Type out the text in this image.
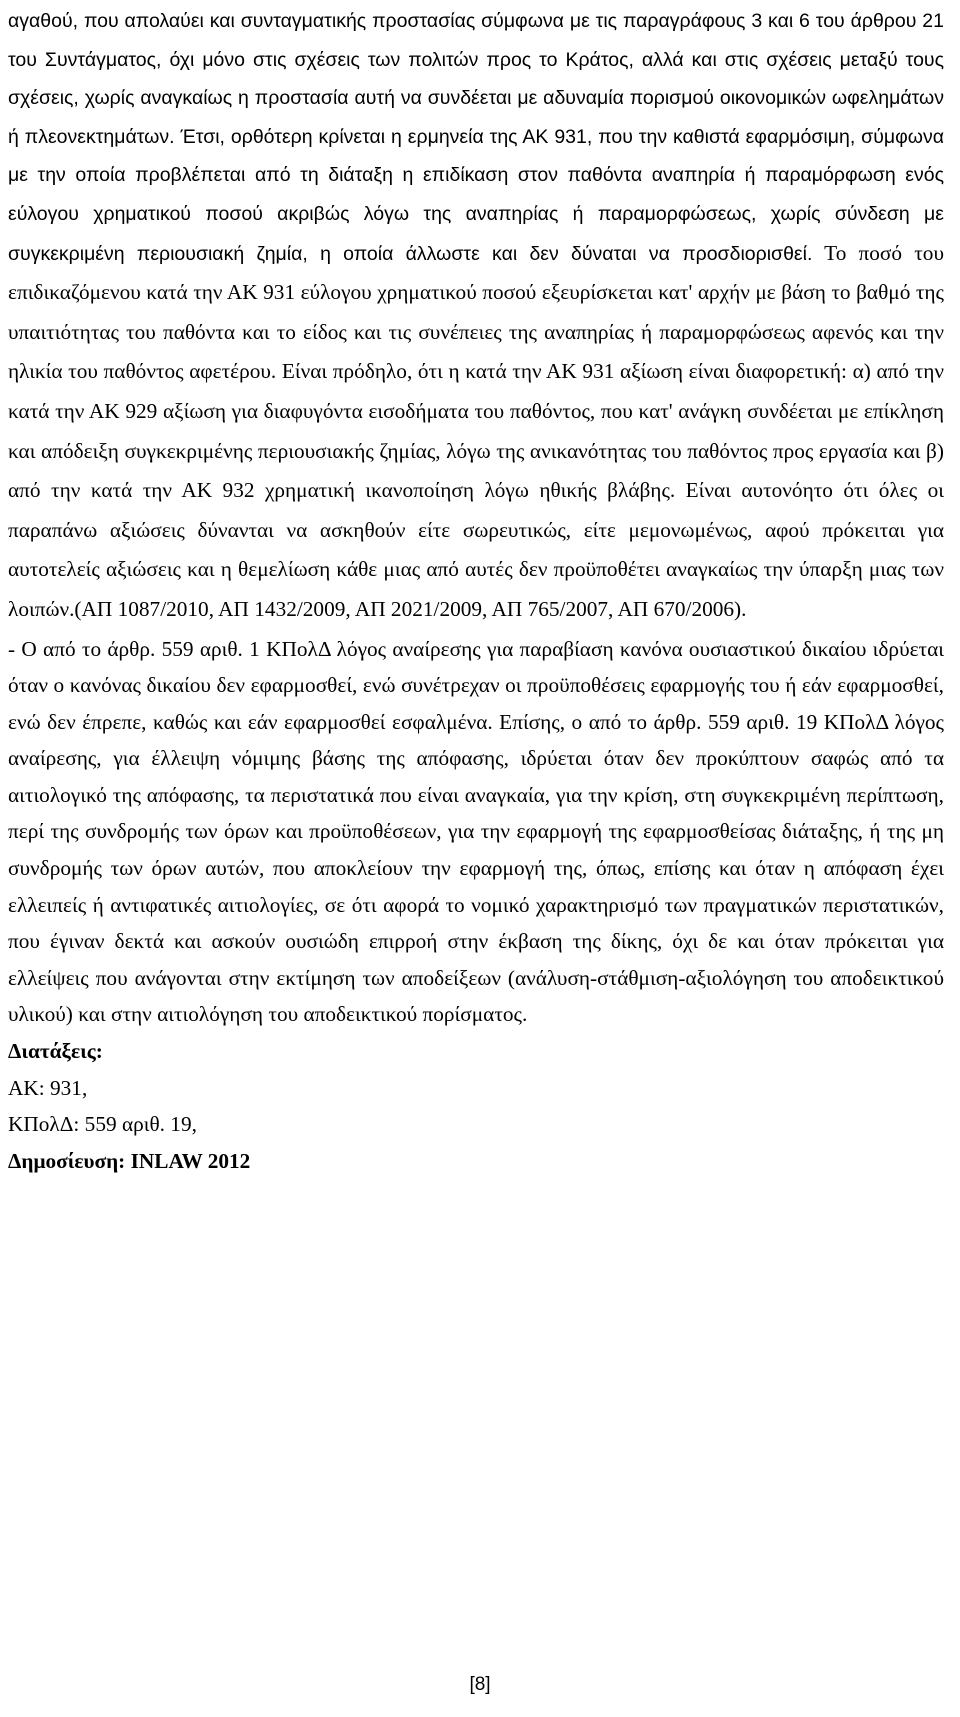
αγαθού, που απολαύει και συνταγματικής προστασίας σύμφωνα με τις παραγράφους 3 και 6 του άρθρου 21 του Συντάγματος, όχι μόνο στις σχέσεις των πολιτών προς το Κράτος, αλλά και στις σχέσεις μεταξύ τους σχέσεις, χωρίς αναγκαίως η προστασία αυτή να συνδέεται με αδυναμία πορισμού οικονομικών ωφελημάτων ή πλεονεκτημάτων. Έτσι, ορθότερη κρίνεται η ερμηνεία της ΑΚ 931, που την καθιστά εφαρμόσιμη, σύμφωνα με την οποία προβλέπεται από τη διάταξη η επιδίκαση στον παθόντα αναπηρία ή παραμόρφωση ενός εύλογου χρηματικού ποσού ακριβώς λόγω της αναπηρίας ή παραμορφώσεως, χωρίς σύνδεση με συγκεκριμένη περιουσιακή ζημία, η οποία άλλωστε και δεν δύναται να προσδιορισθεί. Το ποσό του επιδικαζόμενου κατά την ΑΚ 931 εύλογου χρηματικού ποσού εξευρίσκεται κατ' αρχήν με βάση το βαθμό της υπαιτιότητας του παθόντα και το είδος και τις συνέπειες της αναπηρίας ή παραμορφώσεως αφενός και την ηλικία του παθόντος αφετέρου. Είναι πρόδηλο, ότι η κατά την ΑΚ 931 αξίωση είναι διαφορετική: α) από την κατά την ΑΚ 929 αξίωση για διαφυγόντα εισοδήματα του παθόντος, που κατ' ανάγκη συνδέεται με επίκληση και απόδειξη συγκεκριμένης περιουσιακής ζημίας, λόγω της ανικανότητας του παθόντος προς εργασία και β) από την κατά την ΑΚ 932 χρηματική ικανοποίηση λόγω ηθικής βλάβης. Είναι αυτονόητο ότι όλες οι παραπάνω αξιώσεις δύνανται να ασκηθούν είτε σωρευτικώς, είτε μεμονωμένως, αφού πρόκειται για αυτοτελείς αξιώσεις και η θεμελίωση κάθε μιας από αυτές δεν προϋποθέτει αναγκαίως την ύπαρξη μιας των λοιπών.(ΑΠ 1087/2010, ΑΠ 1432/2009, ΑΠ 2021/2009, ΑΠ 765/2007, ΑΠ 670/2006).

- Ο από το άρθρ. 559 αριθ. 1 ΚΠολΔ λόγος αναίρεσης για παραβίαση κανόνα ουσιαστικού δικαίου ιδρύεται όταν ο κανόνας δικαίου δεν εφαρμοσθεί, ενώ συνέτρεχαν οι προϋποθέσεις εφαρμογής του ή εάν εφαρμοσθεί, ενώ δεν έπρεπε, καθώς και εάν εφαρμοσθεί εσφαλμένα. Επίσης, ο από το άρθρ. 559 αριθ. 19 ΚΠολΔ λόγος αναίρεσης, για έλλειψη νόμιμης βάσης της απόφασης, ιδρύεται όταν δεν προκύπτουν σαφώς από τα αιτιολογικό της απόφασης, τα περιστατικά που είναι αναγκαία, για την κρίση, στη συγκεκριμένη περίπτωση, περί της συνδρομής των όρων και προϋποθέσεων, για την εφαρμογή της εφαρμοσθείσας διάταξης, ή της μη συνδρομής των όρων αυτών, που αποκλείουν την εφαρμογή της, όπως, επίσης και όταν η απόφαση έχει ελλειπείς ή αντιφατικές αιτιολογίες, σε ότι αφορά το νομικό χαρακτηρισμό των πραγματικών περιστατικών, που έγιναν δεκτά και ασκούν ουσιώδη επιρροή στην έκβαση της δίκης, όχι δε και όταν πρόκειται για ελλείψεις που ανάγονται στην εκτίμηση των αποδείξεων (ανάλυση-στάθμιση-αξιολόγηση του αποδεικτικού υλικού) και στην αιτιολόγηση του αποδεικτικού πορίσματος.

Διατάξεις:
ΑΚ: 931,
ΚΠολΔ: 559 αριθ. 19,
Δημοσίευση: INLAW 2012
[8]
